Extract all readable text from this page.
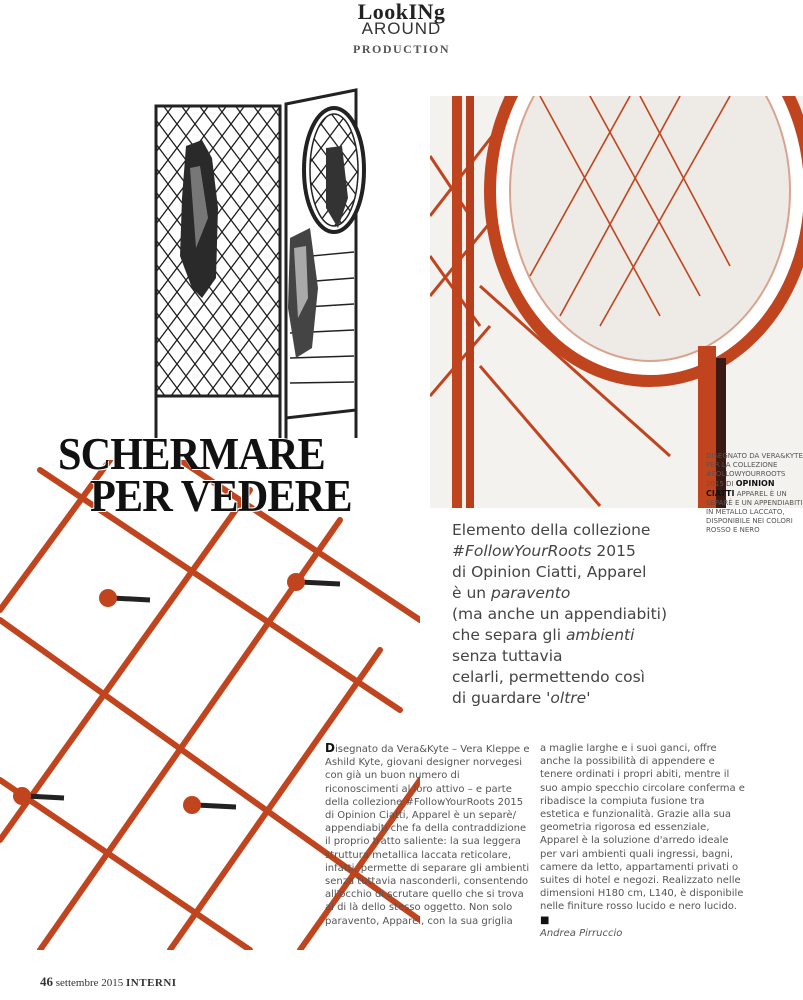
LookINg
AROUND
PRODUCTION
SCHERMARE
PER VEDERE
DISEGNATO DA VERA&KYTE PER LA COLLEZIONE #FOLLOWYOURROOTS 2015 DI OPINION CIATTI APPAREL È UN SEPARÈ E UN APPENDIABITI IN METALLO LACCATO, DISPONIBILE NEI COLORI ROSSO E NERO
Elemento della collezione
#FollowYourRoots 2015
di Opinion Ciatti, Apparel
è un paravento
(ma anche un appendiabiti)
che separa gli ambienti
senza tuttavia
celarli, permettendo così
di guardare 'oltre'
Disegnato da Vera&Kyte – Vera Kleppe e Ashild Kyte, giovani designer norvegesi con già un buon numero di riconoscimenti al loro attivo – e parte della collezione #FollowYourRoots 2015 di Opinion Ciatti, Apparel è un separè/ appendiabiti che fa della contraddizione il proprio tratto saliente: la sua leggera struttura metallica laccata reticolare, infatti, permette di separare gli ambienti senza tuttavia nasconderli, consentendo all'occhio di scrutare quello che si trova al di là dello stesso oggetto. Non solo paravento, Apparel, con la sua griglia
a maglie larghe e i suoi ganci, offre anche la possibilità di appendere e tenere ordinati i propri abiti, mentre il suo ampio specchio circolare conferma e ribadisce la compiuta fusione tra estetica e funzionalità. Grazie alla sua geometria rigorosa ed essenziale, Apparel è la soluzione d'arredo ideale per vari ambienti quali ingressi, bagni, camere da letto, appartamenti privati o suites di hotel e negozi. Realizzato nelle dimensioni H180 cm, L140, è disponibile nelle finiture rosso lucido e nero lucido. ■
Andrea Pirruccio
46 settembre 2015 INTERNI
